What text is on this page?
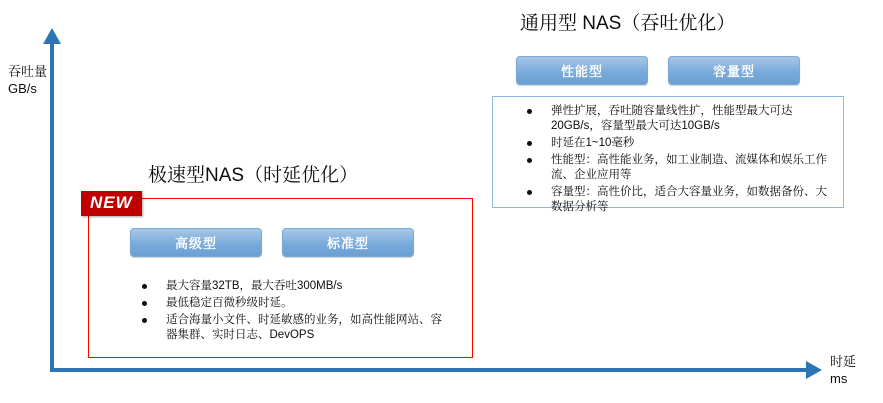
吞吐量
GB/s
时延
ms
通用型 NAS（吞吐优化）
性能型	容量型
弹性扩展，吞吐随容量线性扩，性能型最大可达20GB/s，容量型最大可达10GB/s
时延在1~10毫秒
性能型：高性能业务，如工业制造、流媒体和娱乐工作流、企业应用等
容量型：高性价比，适合大容量业务，如数据备份、大数据分析等
极速型NAS（时延优化）
高级型	标准型
最大容量32TB，最大吞吐300MB/s
最低稳定百微秒级时延。
适合海量小文件、时延敏感的业务，如高性能网站、容器集群、实时日志、DevOPS
NEW
